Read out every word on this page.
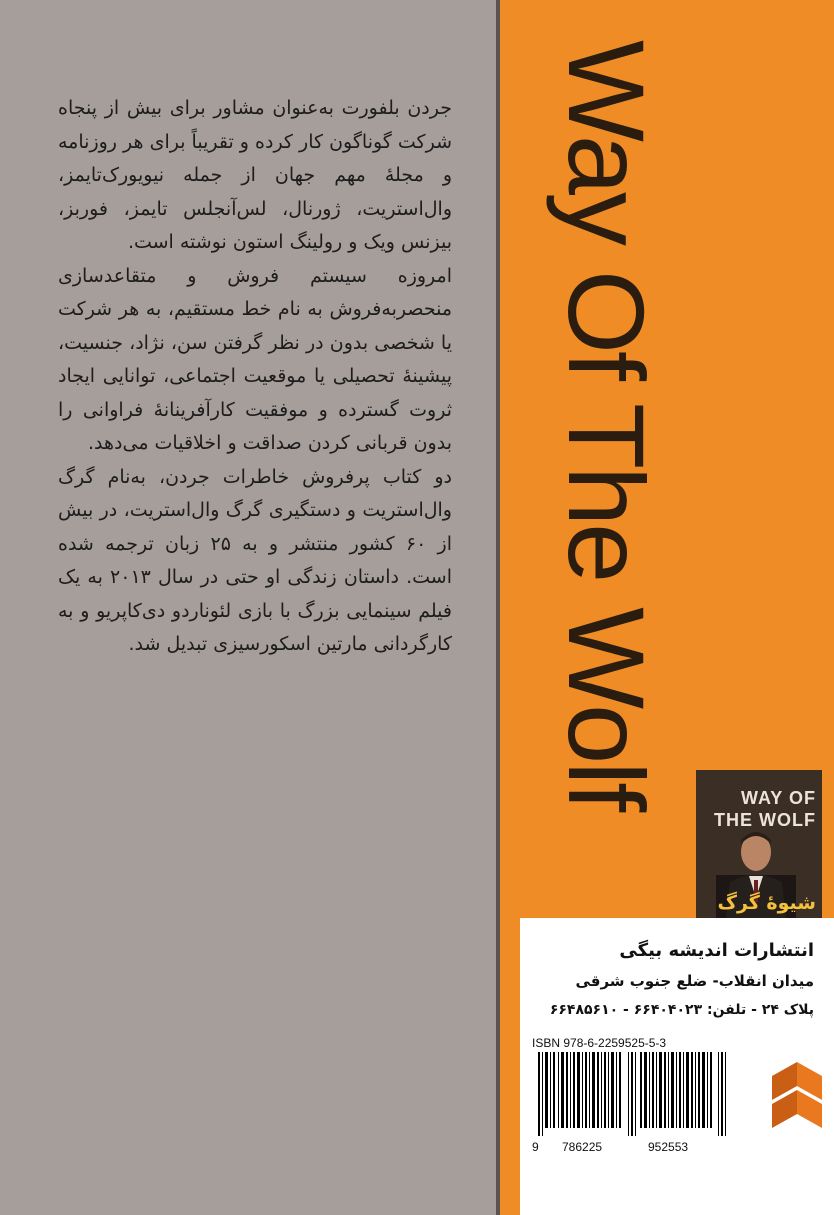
جردن بلفورت به‌عنوان مشاور برای بیش از پنجاه شرکت گوناگون کار کرده و تقریباً برای هر روزنامه و مجلهٔ مهم جهان از جمله نیویورک‌تایمز، وال‌استریت، ژورنال، لس‌آنجلس تایمز، فوربز، بیزنس ویک و رولینگ استون نوشته است.

امروزه سیستم فروش و متقاعدسازی منحصربه‌فروش به نام خط مستقیم، به هر شرکت یا شخصی بدون در نظر گرفتن سن، نژاد، جنسیت، پیشینهٔ تحصیلی یا موقعیت اجتماعی، توانایی ایجاد ثروت گسترده و موفقیت کارآفرینانهٔ فراوانی را بدون قربانی کردن صداقت و اخلاقیات می‌دهد.

دو کتاب پرفروش خاطرات جردن، به‌نام گرگ وال‌استریت و دستگیری گرگ وال‌استریت، در بیش از ۶۰ کشور منتشر و به ۲۵ زبان ترجمه شده است. داستان زندگی او حتی در سال ۲۰۱۳ به یک فیلم سینمایی بزرگ با بازی لئوناردو دی‌کاپریو و به کارگردانی مارتین اسکورسیزی تبدیل شد. Way Of The Wolf	WAY OF
THE WOLF
شیوهٔ گرگ
انتشارات اندیشه بیگی
میدان انقلاب- ضلع جنوب شرقی
پلاک ۲۴ - تلفن: ۶۶۴۰۴۰۲۳ - ۶۶۴۸۵۶۱۰
ISBN 978-6-2259525-5-3
9 786225	952553
